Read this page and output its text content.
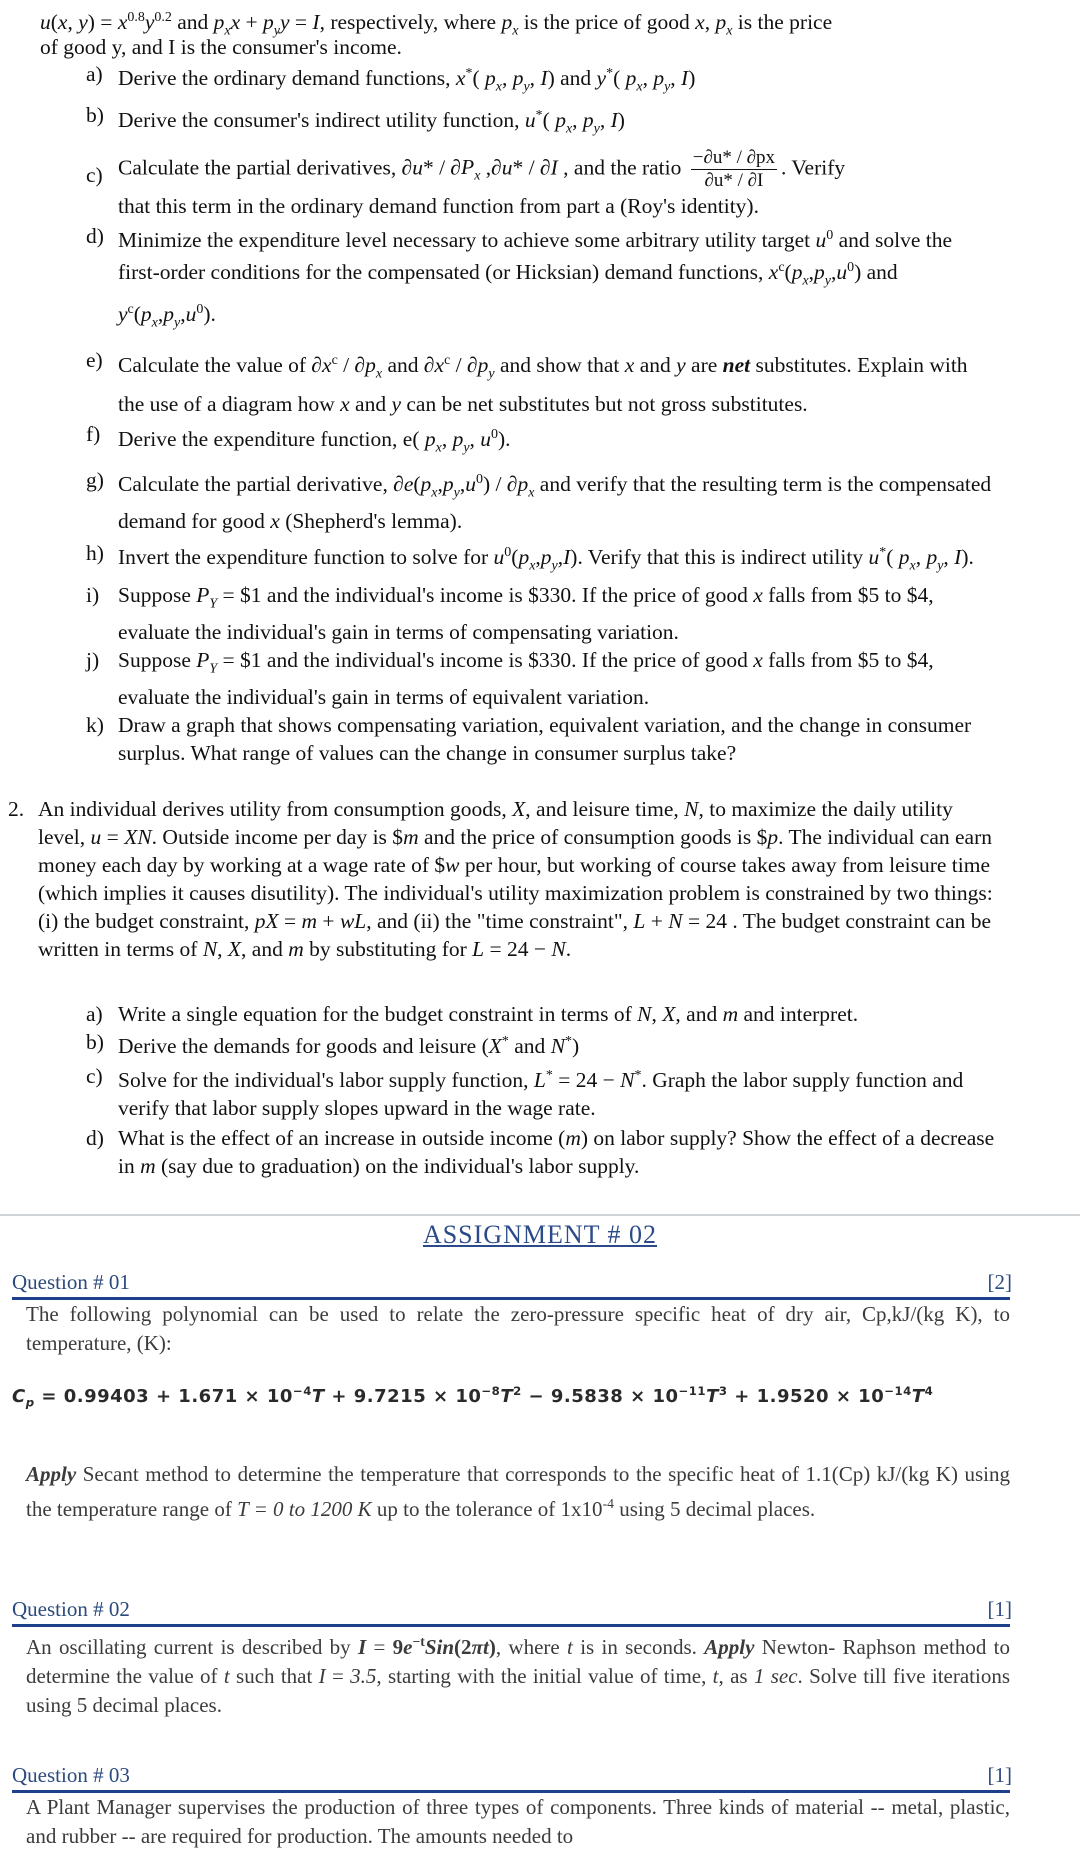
u(x, $y) = x^{0.8}y^{0.2}$ and $p_xx + p_yy = I$, respectively, where $p_x$ is the price of good x, $p_x$ is the price
of good y, and I is the consumer's income.
a) Derive the ordinary demand functions, x*( $p_x$, $p_y$, I) and y*( $p_x$, $p_y$, I)
b) Derive the consumer's indirect utility function, u*( $p_x$, $p_y$, I)
c) Calculate the partial derivatives, $\partial u* / \partial P_x$ ,∂u* / ∂I , and the ratio $\frac{-\partial u* / \partial px}{\partial u* / \partial I}$ . Verify
that this term in the ordinary demand function from part a (Roy's identity).
d) Minimize the expenditure level necessary to achieve some arbitrary utility target $u^0$ and solve the first-order conditions for the compensated (or Hicksian) demand functions, $x^c(p_x,p_y,u^0)$ and $y^c(p_x,p_y,u^0)$.
e) Calculate the value of $\partial x^c / \partial p_x$ and $\partial x^c / \partial p_y$ and show that x and y are net substitutes. Explain with the use of a diagram how x and y can be net substitutes but not gross substitutes.
f) Derive the expenditure function, e( $p_x$, $p_y$, $u^0$).
g) Calculate the partial derivative, $\partial e(p_x,p_y,u^0) / \partial p_x$ and verify that the resulting term is the compensated demand for good x (Shepherd's lemma).
h) Invert the expenditure function to solve for $u^0(p_x,p_y,I)$. Verify that this is indirect utility u*( $p_x$, $p_y$, I).
i) Suppose $P_Y$ = $1 and the individual's income is $330. If the price of good x falls from $5 to $4, evaluate the individual's gain in terms of compensating variation.
j) Suppose $P_Y$ = $1 and the individual's income is $330. If the price of good x falls from $5 to $4, evaluate the individual's gain in terms of equivalent variation.
k) Draw a graph that shows compensating variation, equivalent variation, and the change in consumer surplus. What range of values can the change in consumer surplus take?
2. An individual derives utility from consumption goods, X, and leisure time, N, to maximize the daily utility level, u = XN. Outside income per day is $m and the price of consumption goods is $p. The individual can earn money each day by working at a wage rate of $w per hour, but working of course takes away from leisure time (which implies it causes disutility). The individual's utility maximization problem is constrained by two things: (i) the budget constraint, pX = m + wL, and (ii) the "time constraint", L + N = 24 . The budget constraint can be written in terms of N, X, and m by substituting for L = 24 − N.
a) Write a single equation for the budget constraint in terms of N, X, and m and interpret.
b) Derive the demands for goods and leisure (X* and N*)
c) Solve for the individual's labor supply function, L* = 24 − N*. Graph the labor supply function and verify that labor supply slopes upward in the wage rate.
d) What is the effect of an increase in outside income (m) on labor supply? Show the effect of a decrease in m (say due to graduation) on the individual's labor supply.
ASSIGNMENT # 02
Question # 01	[2]
The following polynomial can be used to relate the zero-pressure specific heat of dry air, Cp,kJ/(kg K), to temperature, (K):
$C_p = 0.99403 + 1.671 \times 10^{-4}T + 9.7215 \times 10^{-8}T^2 - 9.5838 \times 10^{-11}T^3 + 1.9520 \times 10^{-14}T^4$
Apply Secant method to determine the temperature that corresponds to the specific heat of 1.1(Cp) kJ/(kg K) using the temperature range of T = 0 to 1200 K up to the tolerance of $1x10^{-4}$ using 5 decimal places.
Question # 02	[1]
An oscillating current is described by $I = 9e^{-t}Sin(2\pi t)$, where t is in seconds. Apply Newton- Raphson method to determine the value of t such that I = 3.5, starting with the initial value of time, t, as 1 sec. Solve till five iterations using 5 decimal places.
Question # 03	[1]
A Plant Manager supervises the production of three types of components. Three kinds of material -- metal, plastic, and rubber -- are required for production. The amounts needed to
